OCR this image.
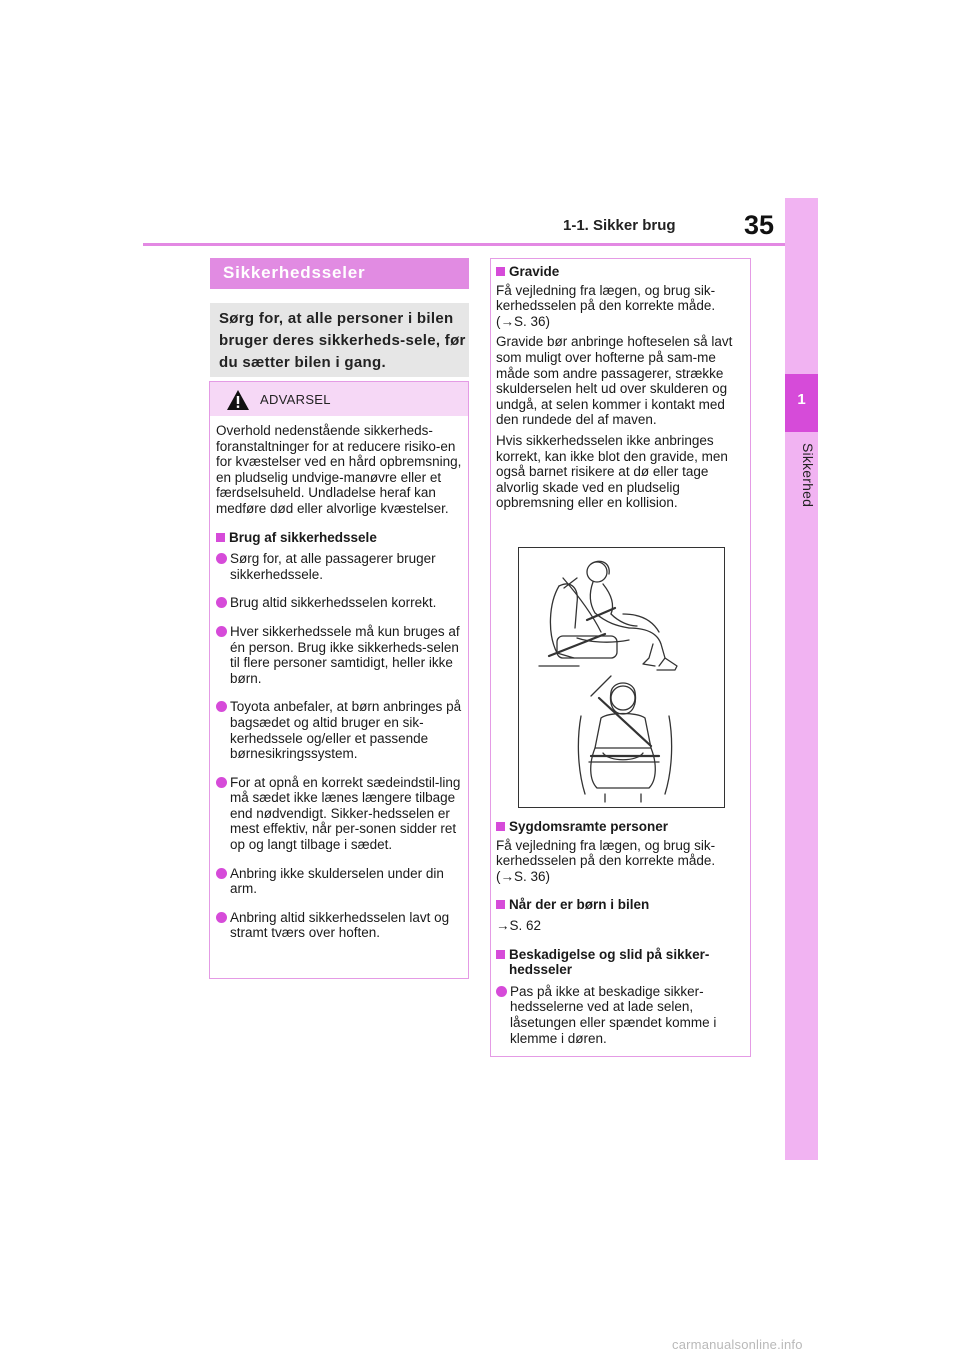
1-1. Sikker brug	35
1
Sikkerhed
Sikkerhedsseler
Sørg for, at alle personer i bilen bruger deres sikkerheds-sele, før du sætter bilen i gang.
ADVARSEL

Overhold nedenstående sikkerheds-foranstaltninger for at reducere risiko-en for kvæstelser ved en hård opbremsning, en pludselig undvige-manøvre eller et færdselsuheld. Undladelse heraf kan medføre død eller alvorlige kvæstelser.

Brug af sikkerhedssele
Sørg for, at alle passagerer bruger sikkerhedssele.
Brug altid sikkerhedsselen korrekt.
Hver sikkerhedssele må kun bruges af én person. Brug ikke sikkerheds-selen til flere personer samtidigt, heller ikke børn.
Toyota anbefaler, at børn anbringes på bagsædet og altid bruger en sik-kerhedssele og/eller et passende børnesikringssystem.
For at opnå en korrekt sædeindstil-ling må sædet ikke lænes længere tilbage end nødvendigt. Sikker-hedsselen er mest effektiv, når per-sonen sidder ret op og langt tilbage i sædet.
Anbring ikke skulderselen under din arm.
Anbring altid sikkerhedsselen lavt og stramt tværs over hoften.
Gravide

Få vejledning fra lægen, og brug sik-kerhedsselen på den korrekte måde.

(→S. 36)

Gravide bør anbringe hofteselen så lavt som muligt over hofterne på sam-me måde som andre passagerer, strække skulderselen helt ud over skulderen og undgå, at selen kommer i kontakt med den rundede del af maven.

Hvis sikkerhedsselen ikke anbringes korrekt, kan ikke blot den gravide, men også barnet risikere at dø eller tage alvorlig skade ved en pludselig opbremsning eller en kollision.

Sygdomsramte personer

Få vejledning fra lægen, og brug sik-kerhedsselen på den korrekte måde.

(→S. 36)

Når der er børn i bilen

→S. 62

Beskadigelse og slid på sikker-hedsseler
Pas på ikke at beskadige sikker-hedsselerne ved at lade selen, låsetungen eller spændet komme i klemme i døren.
carmanualsonline.info
